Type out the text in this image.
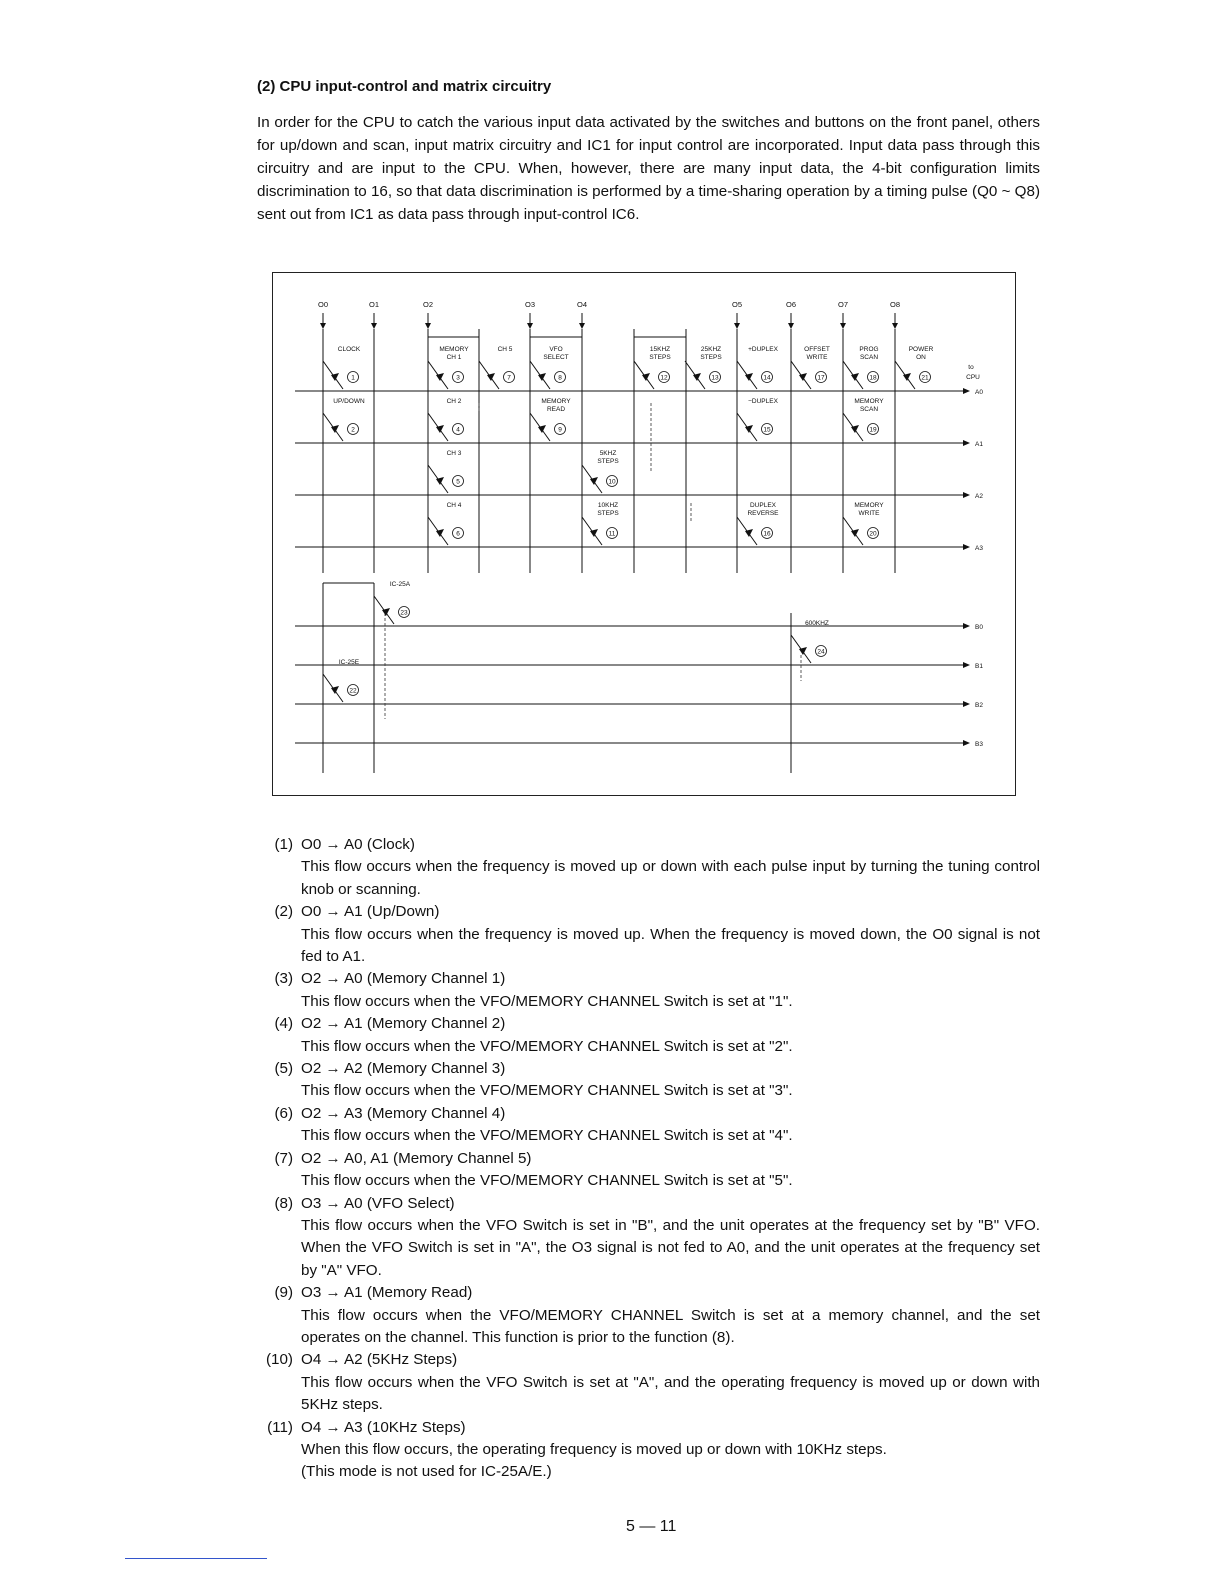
(2) CPU input-control and matrix circuitry

In order for the CPU to catch the various input data activated by the switches and buttons on the front panel, others for up/down and scan, input matrix circuitry and IC1 for input control are incorporated. Input data pass through this circuitry and are input to the CPU. When, however, there are many input data, the 4-bit configuration limits discrimination to 16, so that data discrimination is performed by a time-sharing operation by a timing pulse (Q0 ~ Q8) sent out from IC1 as data pass through input-control IC6.

O0	O1	O2	O3	O4	O5	O6	O7	O8
A0
A1
A2
A3
B0
B1
B2
B3
to
CPU
CLOCK
1
UP/DOWN
2
MEMORY
CH 1
3
CH 2
4
CH 3
5
CH 4
6
CH 5
7
VFO
SELECT
8
MEMORY
READ
9
5KHZ
STEPS
10
10KHZ
STEPS
11
15KHZ
STEPS
12
25KHZ
STEPS
13
+DUPLEX
14
−DUPLEX
15
DUPLEX
REVERSE
16
OFFSET
WRITE
17
PROG
SCAN
18
MEMORY
SCAN
19
MEMORY
WRITE
20
POWER
ON
21
IC-25E
22
IC-25A
23
600KHZ
24
(1) O0 → A0 (Clock)
This flow occurs when the frequency is moved up or down with each pulse input by turning the tuning control knob or scanning.
(2) O0 → A1 (Up/Down)
This flow occurs when the frequency is moved up. When the frequency is moved down, the O0 signal is not fed to A1.
(3) O2 → A0 (Memory Channel 1)
This flow occurs when the VFO/MEMORY CHANNEL Switch is set at "1".
(4) O2 → A1 (Memory Channel 2)
This flow occurs when the VFO/MEMORY CHANNEL Switch is set at "2".
(5) O2 → A2 (Memory Channel 3)
This flow occurs when the VFO/MEMORY CHANNEL Switch is set at "3".
(6) O2 → A3 (Memory Channel 4)
This flow occurs when the VFO/MEMORY CHANNEL Switch is set at "4".
(7) O2 → A0, A1 (Memory Channel 5)
This flow occurs when the VFO/MEMORY CHANNEL Switch is set at "5".
(8) O3 → A0 (VFO Select)
This flow occurs when the VFO Switch is set in "B", and the unit operates at the frequency set by "B" VFO. When the VFO Switch is set in "A", the O3 signal is not fed to A0, and the unit operates at the frequency set by "A" VFO.
(9) O3 → A1 (Memory Read)
This flow occurs when the VFO/MEMORY CHANNEL Switch is set at a memory channel, and the set operates on the channel. This function is prior to the function (8).
(10) O4 → A2 (5KHz Steps)
This flow occurs when the VFO Switch is set at "A", and the operating frequency is moved up or down with 5KHz steps.
(11) O4 → A3 (10KHz Steps)
When this flow occurs, the operating frequency is moved up or down with 10KHz steps.
(This mode is not used for IC-25A/E.)
5 — 11
